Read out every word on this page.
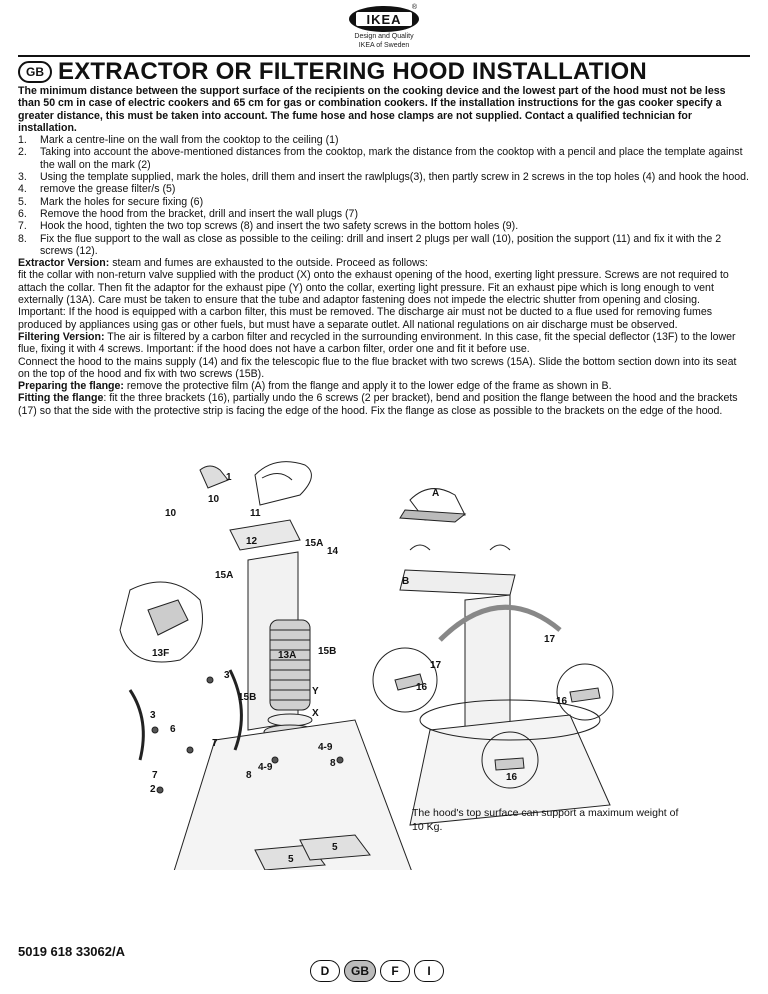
IKEA
®
Design and Quality
IKEA of Sweden
GB EXTRACTOR OR FILTERING HOOD INSTALLATION

The minimum distance between the support surface of the recipients on the cooking device and the lowest part of the hood must not be less than 50 cm in case of electric cookers and 65 cm for gas or combination cookers. If the installation instructions for the gas cooker specify a greater distance, this must be taken into account. The fume hose and hose clamps are not supplied. Contact a qualified technician for installation.

1.	Mark a centre-line on the wall from the cooktop to the ceiling (1)
2.	Taking into account the above-mentioned distances from the cooktop, mark the distance from the cooktop with a pencil and place the template against the wall on the mark (2)
3.	Using the template supplied, mark the holes, drill them and insert the rawlplugs(3), then partly screw in 2 screws in the top holes (4) and hook the hood.
4.	remove the grease filter/s (5)
5.	Mark the holes for secure fixing (6)
6.	Remove the hood from the bracket, drill and insert the wall plugs (7)
7.	Hook the hood, tighten the two top screws (8) and insert the two safety screws in the bottom holes (9).
8.	Fix the flue support to the wall as close as possible to the ceiling: drill and insert 2 plugs per wall (10), position the support (11) and fix it with the 2 screws (12).

Extractor Version: steam and fumes are exhausted to the outside. Proceed as follows:

fit the collar with non-return valve supplied with the product (X) onto the exhaust opening of the hood, exerting light pressure. Screws are not required to attach the collar. Then fit the adaptor for the exhaust pipe (Y) onto the collar, exerting light pressure. Fit an exhaust pipe which is long enough to vent externally (13A). Care must be taken to ensure that the tube and adaptor fastening does not impede the electric shutter from opening and closing. Important: If the hood is equipped with a carbon filter, this must be removed. The discharge air must not be ducted to a flue used for removing fumes produced by appliances using gas or other fuels, but must have a separate outlet. All national regulations on air discharge must be observed.

Filtering Version: The air is filtered by a carbon filter and recycled in the surrounding environment. In this case, fit the special deflector (13F) to the lower flue, fixing it with 4 screws. Important: if the hood does not have a carbon filter, order one and fit it before use.

Connect the hood to the mains supply (14) and fix the telescopic flue to the flue bracket with two screws (15A). Slide the bottom section down into its seat on the top of the hood and fix with two screws (15B).

Preparing the flange: remove the protective film (A) from the flange and apply it to the lower edge of the frame as shown in B.

Fitting the flange: fit the three brackets (16), partially undo the 6 screws (2 per bracket), bend and position the flange between the hood and the brackets (17) so that the side with the protective strip is facing the edge of the hood. Fix the flange as close as possible to the brackets on the edge of the hood.

1
10
10	11
12	15A
14
15A
13F	13A 15B
3
15B
Y
3	X
6
7	4-9
8
4-9
8
7
2
5
5
A
B
17
17
16
16
16
The hood's top surface can support a maximum weight of 10 Kg.
5019 618 33062/A
D	GB	F	I
